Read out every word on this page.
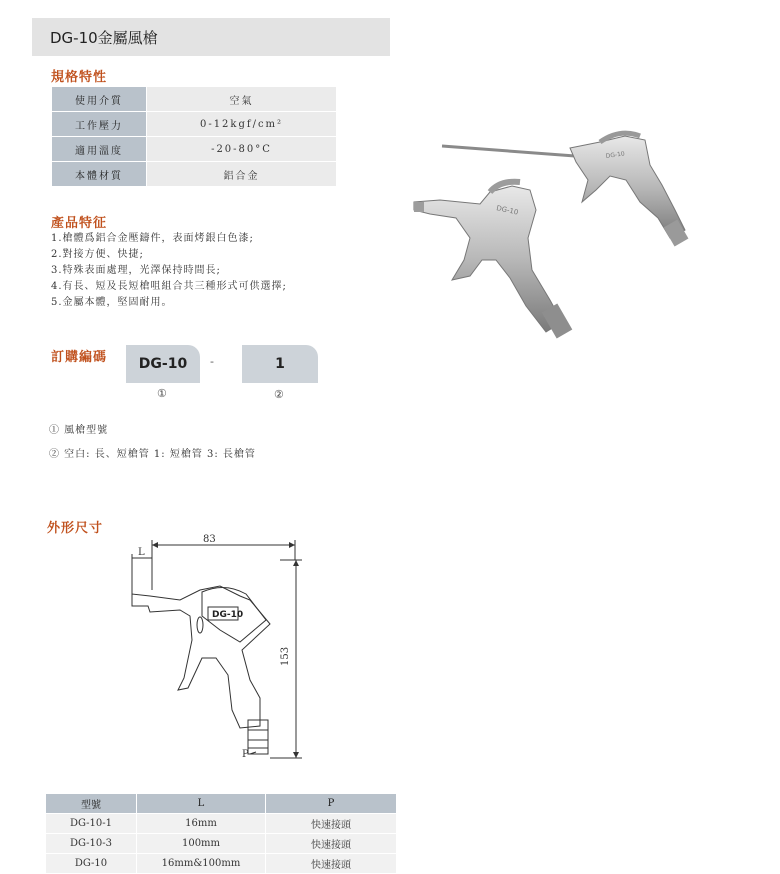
DG-10金屬風槍
規格特性
使用介質	空氣
工作壓力	0-12kgf/cm²
適用溫度	-20-80°C
本體材質	鋁合金
產品特征
1.槍體爲鋁合金壓鑄件，表面烤銀白色漆;
2.對接方便、快捷;
3.特殊表面處理，光澤保持時間長;
4.有長、短及長短槍咀組合共三種形式可供選擇;
5.金屬本體，堅固耐用。
訂購編碼	DG-10	-	1
①	②
① 風槍型號
② 空白: 長、短槍管 1: 短槍管 3: 長槍管
外形尺寸
83
L
153
DG-10
P
型號	L	P
DG-10-1	16mm	快速接頭
DG-10-3	100mm	快速接頭
DG-10	16mm&100mm	快速接頭
DG-10
DG-10
